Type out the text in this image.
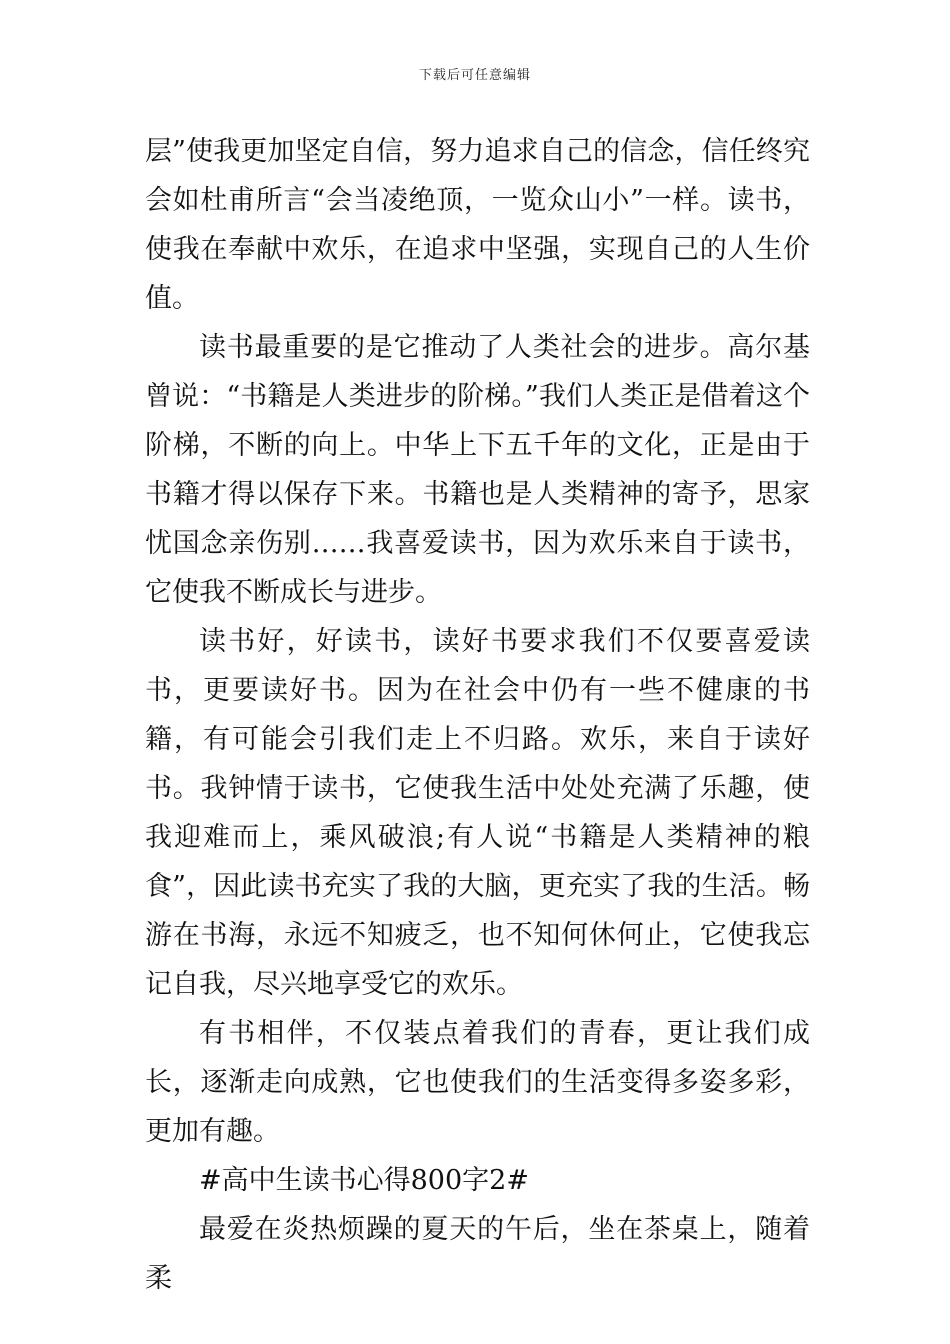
下载后可任意编辑

层”使我更加坚定自信，努力追求自己的信念，信任终究会如杜甫所言“会当凌绝顶，一览众山小”一样。读书，使我在奉献中欢乐，在追求中坚强，实现自己的人生价值。

读书最重要的是它推动了人类社会的进步。高尔基曾说：“书籍是人类进步的阶梯。”我们人类正是借着这个阶梯，不断的向上。中华上下五千年的文化，正是由于书籍才得以保存下来。书籍也是人类精神的寄予，思家忧国念亲伤别……我喜爱读书，因为欢乐来自于读书，它使我不断成长与进步。

读书好，好读书，读好书要求我们不仅要喜爱读书，更要读好书。因为在社会中仍有一些不健康的书籍，有可能会引我们走上不归路。欢乐，来自于读好书。我钟情于读书，它使我生活中处处充满了乐趣，使我迎难而上，乘风破浪;有人说“书籍是人类精神的粮食”，因此读书充实了我的大脑，更充实了我的生活。畅游在书海，永远不知疲乏，也不知何休何止，它使我忘记自我，尽兴地享受它的欢乐。

有书相伴，不仅装点着我们的青春，更让我们成长，逐渐走向成熟，它也使我们的生活变得多姿多彩，更加有趣。

#高中生读书心得800字2#

最爱在炎热烦躁的夏天的午后，坐在茶桌上，随着柔
